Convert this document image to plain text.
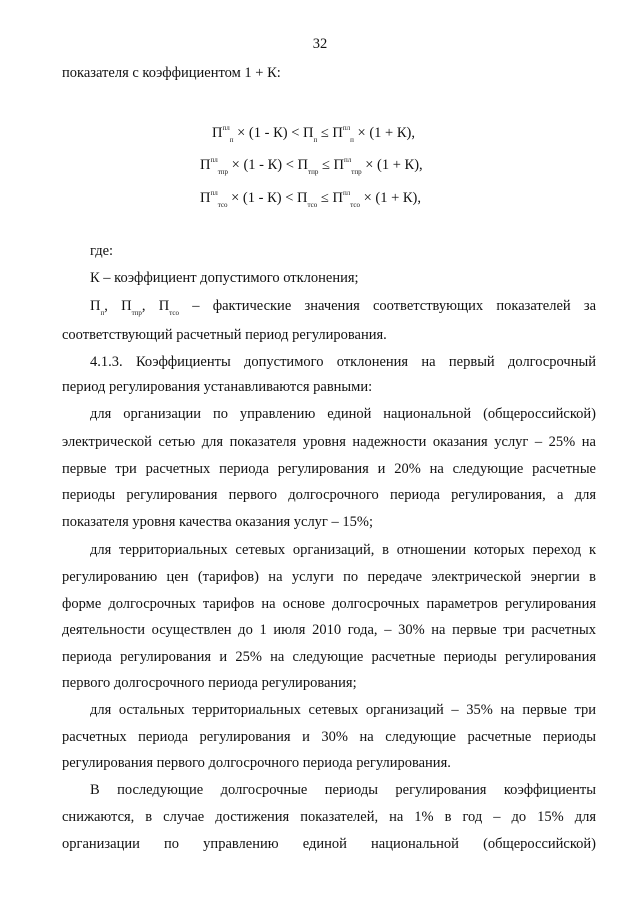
32
показателя с коэффициентом 1 + К:
$П^{пл}_п \times (1 - К) < П_п \le П^{пл}_п \times (1 + К)$,
$П^{пл}_{тпр} \times (1 - К) < П_{тпр} \le П^{пл}_{тпр} \times (1 + К)$,
$П^{пл}_{тсо} \times (1 - К) < П_{тсо} \le П^{пл}_{тсо} \times (1 + К)$,
где:
К – коэффициент допустимого отклонения;
$П_п$, $П_{тпр}$, $П_{тсо}$ – фактические значения соответствующих показателей за
соответствующий расчетный период регулирования.
4.1.3. Коэффициенты допустимого отклонения на первый долгосрочный
период регулирования устанавливаются равными:
для организации по управлению единой национальной (общероссийской)
электрической сетью для показателя уровня надежности оказания услуг – 25% на
первые три расчетных периода регулирования и 20% на следующие расчетные
периоды регулирования первого долгосрочного периода регулирования, а для
показателя уровня качества оказания услуг – 15%;
для территориальных сетевых организаций, в отношении которых переход к
регулированию цен (тарифов) на услуги по передаче электрической энергии в
форме долгосрочных тарифов на основе долгосрочных параметров регулирования
деятельности осуществлен до 1 июля 2010 года, – 30% на первые три расчетных
периода регулирования и 25% на следующие расчетные периоды регулирования
первого долгосрочного периода регулирования;
для остальных территориальных сетевых организаций – 35% на первые три
расчетных периода регулирования и 30% на следующие расчетные периоды
регулирования первого долгосрочного периода регулирования.
В последующие долгосрочные периоды регулирования коэффициенты
снижаются, в случае достижения показателей, на 1% в год – до 15% для
организации по управлению единой национальной (общероссийской)
